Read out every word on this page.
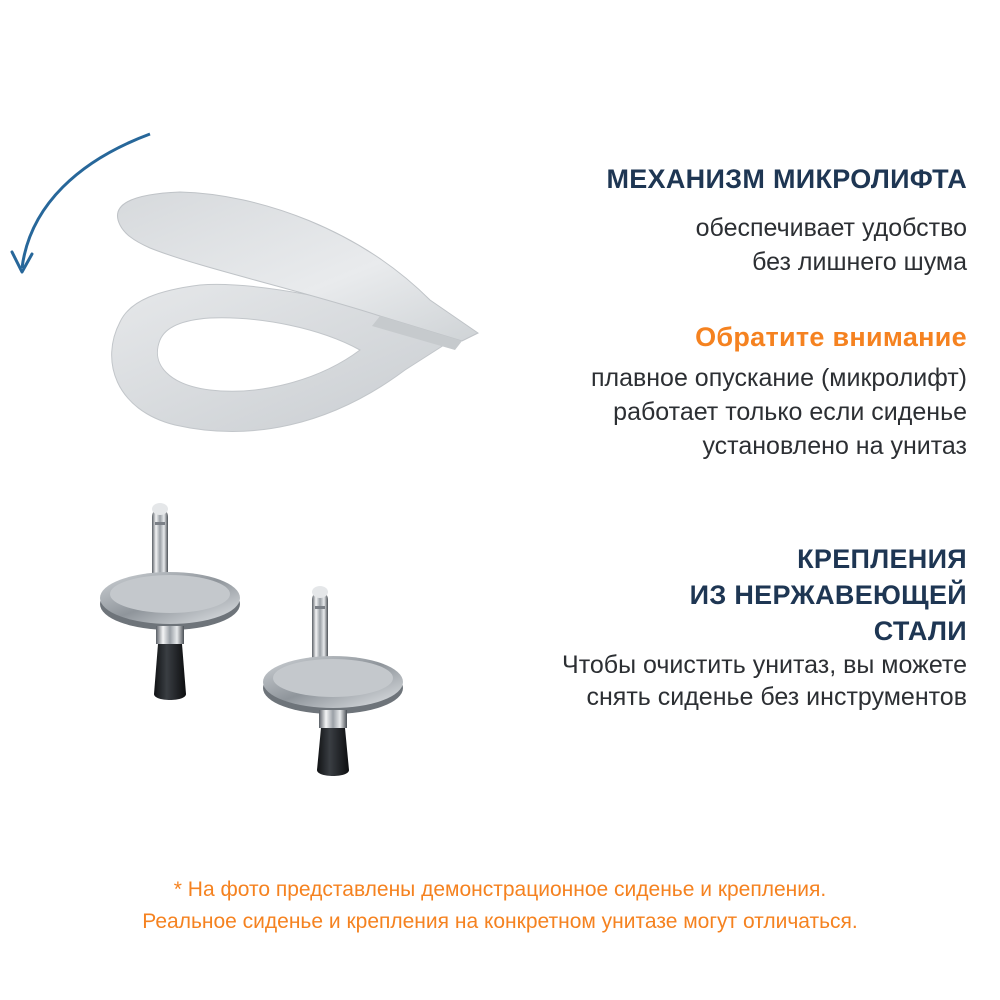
МЕХАНИЗМ МИКРОЛИФТА
обеспечивает удобство
без лишнего шума
Обратите внимание
плавное опускание (микролифт)
работает только если сиденье
установлено на унитаз
КРЕПЛЕНИЯ
ИЗ НЕРЖАВЕЮЩЕЙ
СТАЛИ
Чтобы очистить унитаз, вы можете
снять сиденье без инструментов
* На фото представлены демонстрационное сиденье и крепления.
Реальное сиденье и крепления на конкретном унитазе могут отличаться.
